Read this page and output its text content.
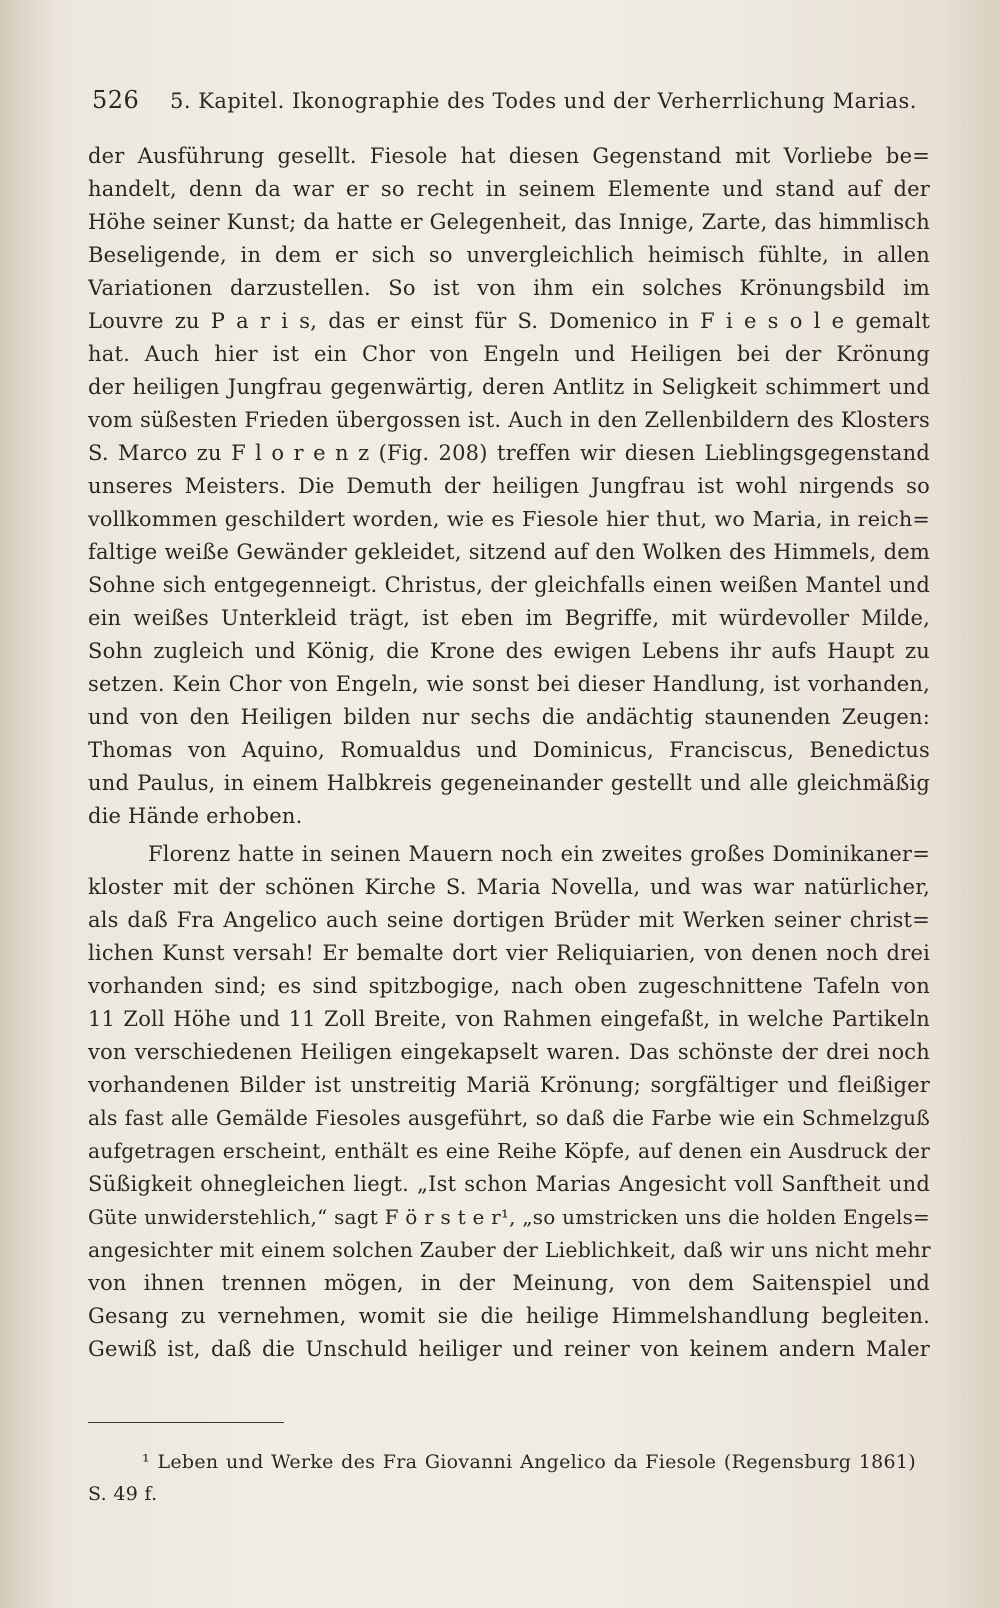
526 5. Kapitel. Ikonographie des Todes und der Verherrlichung Marias.
der Ausführung gesellt. Fiesole hat diesen Gegenstand mit Vorliebe be=
handelt, denn da war er so recht in seinem Elemente und stand auf der
Höhe seiner Kunst; da hatte er Gelegenheit, das Innige, Zarte, das himmlisch
Beseligende, in dem er sich so unvergleichlich heimisch fühlte, in allen
Variationen darzustellen. So ist von ihm ein solches Krönungsbild im
Louvre zu P a r i s, das er einst für S. Domenico in F i e s o l e gemalt
hat. Auch hier ist ein Chor von Engeln und Heiligen bei der Krönung
der heiligen Jungfrau gegenwärtig, deren Antlitz in Seligkeit schimmert und
vom süßesten Frieden übergossen ist. Auch in den Zellenbildern des Klosters
S. Marco zu F l o r e n z (Fig. 208) treffen wir diesen Lieblingsgegenstand
unseres Meisters. Die Demuth der heiligen Jungfrau ist wohl nirgends so
vollkommen geschildert worden, wie es Fiesole hier thut, wo Maria, in reich=
faltige weiße Gewänder gekleidet, sitzend auf den Wolken des Himmels, dem
Sohne sich entgegenneigt. Christus, der gleichfalls einen weißen Mantel und
ein weißes Unterkleid trägt, ist eben im Begriffe, mit würdevoller Milde,
Sohn zugleich und König, die Krone des ewigen Lebens ihr aufs Haupt zu
setzen. Kein Chor von Engeln, wie sonst bei dieser Handlung, ist vorhanden,
und von den Heiligen bilden nur sechs die andächtig staunenden Zeugen:
Thomas von Aquino, Romualdus und Dominicus, Franciscus, Benedictus
und Paulus, in einem Halbkreis gegeneinander gestellt und alle gleichmäßig
die Hände erhoben.
Florenz hatte in seinen Mauern noch ein zweites großes Dominikaner=
kloster mit der schönen Kirche S. Maria Novella, und was war natürlicher,
als daß Fra Angelico auch seine dortigen Brüder mit Werken seiner christ=
lichen Kunst versah! Er bemalte dort vier Reliquiarien, von denen noch drei
vorhanden sind; es sind spitzbogige, nach oben zugeschnittene Tafeln von
11 Zoll Höhe und 11 Zoll Breite, von Rahmen eingefaßt, in welche Partikeln
von verschiedenen Heiligen eingekapselt waren. Das schönste der drei noch
vorhandenen Bilder ist unstreitig Mariä Krönung; sorgfältiger und fleißiger
als fast alle Gemälde Fiesoles ausgeführt, so daß die Farbe wie ein Schmelzguß
aufgetragen erscheint, enthält es eine Reihe Köpfe, auf denen ein Ausdruck der
Süßigkeit ohnegleichen liegt. „Ist schon Marias Angesicht voll Sanftheit und
Güte unwiderstehlich,“ sagt F ö r s t e r¹, „so umstricken uns die holden Engels=
angesichter mit einem solchen Zauber der Lieblichkeit, daß wir uns nicht mehr
von ihnen trennen mögen, in der Meinung, von dem Saitenspiel und
Gesang zu vernehmen, womit sie die heilige Himmelshandlung begleiten.
Gewiß ist, daß die Unschuld heiliger und reiner von keinem andern Maler
¹ Leben und Werke des Fra Giovanni Angelico da Fiesole (Regensburg 1861)
S. 49 f.
